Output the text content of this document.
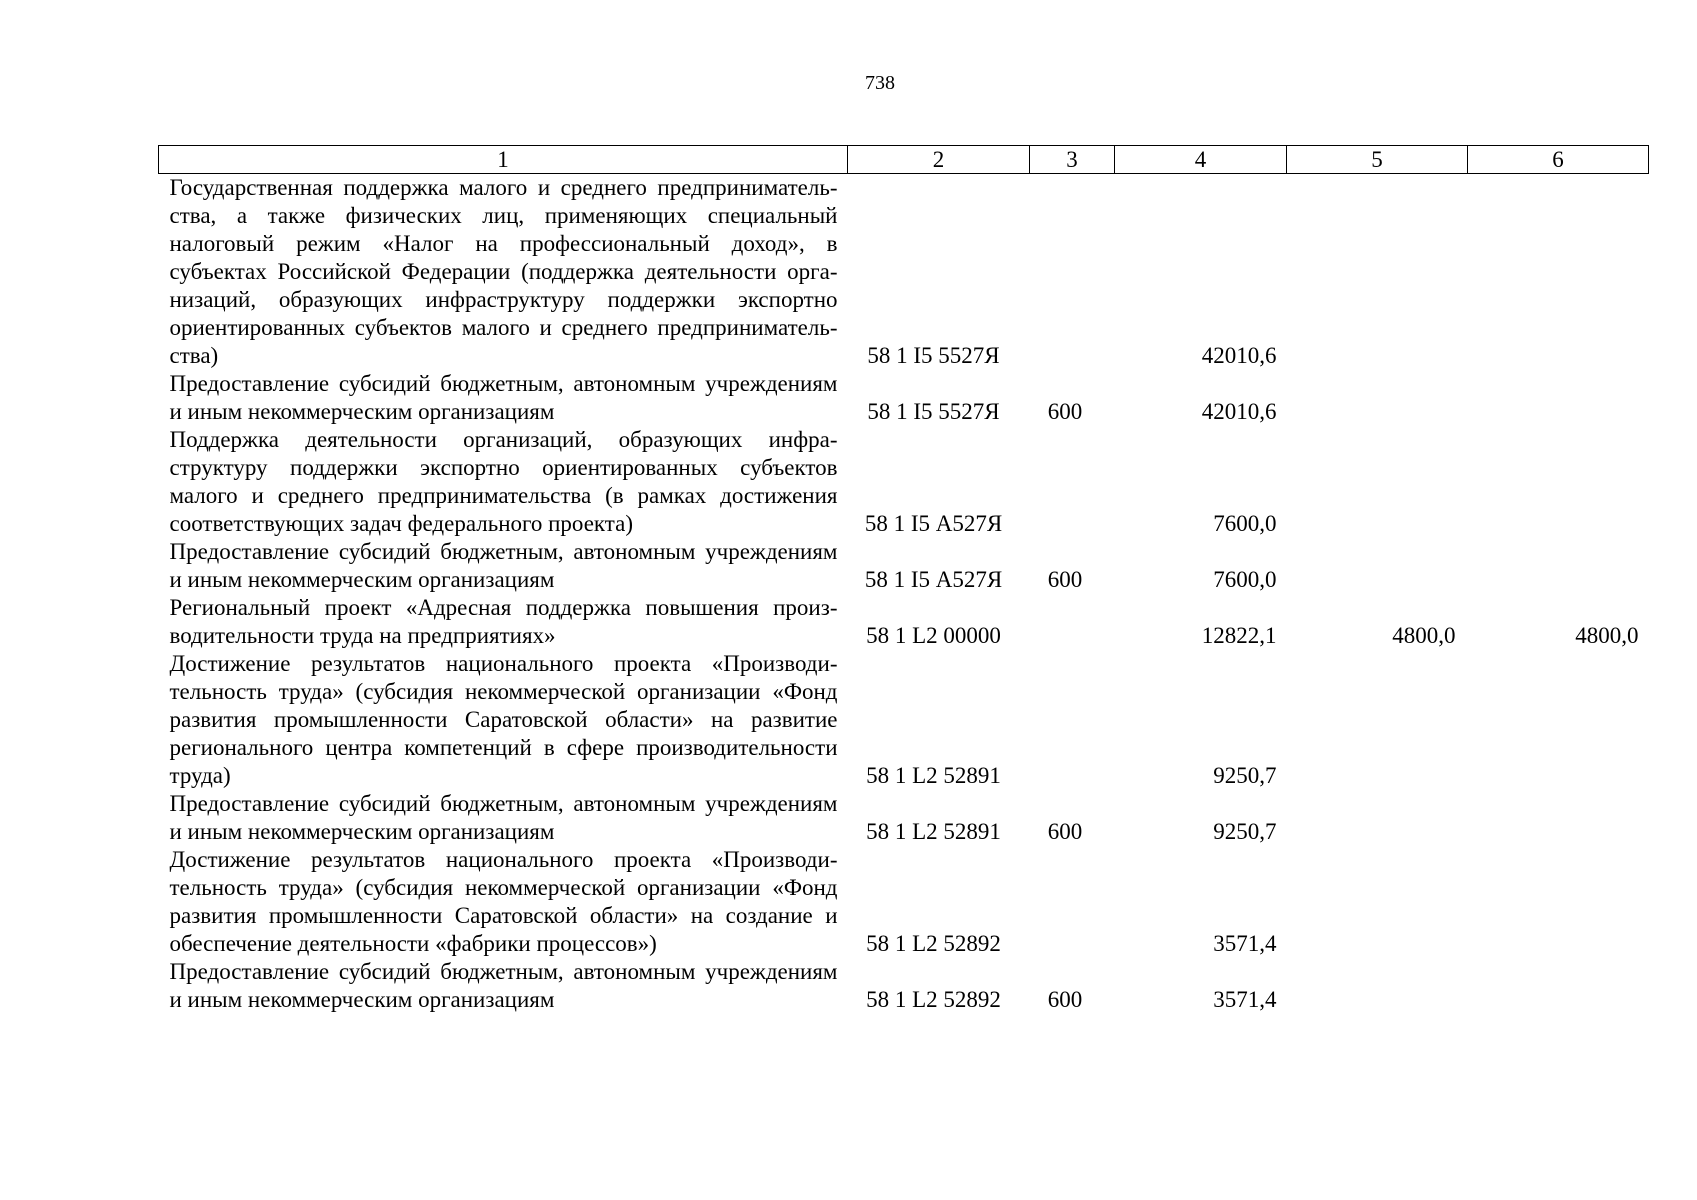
738
1	2	3	4	5	6
Государственная поддержка малого и среднего предпринимательства, а также физических лиц, применяющих специальный налоговый режим «Налог на профессиональный доход», в субъектах Российской Федерации (поддержка деятельности организаций, образующих инфраструктуру поддержки экспортно ориентированных субъектов малого и среднего предпринимательства)	58 1 I5 5527Я		42010,6		
Предоставление субсидий бюджетным, автономным учреждениям и иным некоммерческим организациям	58 1 I5 5527Я	600	42010,6		
Поддержка деятельности организаций, образующих инфраструктуру поддержки экспортно ориентированных субъектов малого и среднего предпринимательства (в рамках достижения соответствующих задач федерального проекта)	58 1 I5 А527Я		7600,0		
Предоставление субсидий бюджетным, автономным учреждениям и иным некоммерческим организациям	58 1 I5 А527Я	600	7600,0		
Региональный проект «Адресная поддержка повышения производительности труда на предприятиях»	58 1 L2 00000		12822,1	4800,0	4800,0
Достижение результатов национального проекта «Производительность труда» (субсидия некоммерческой организации «Фонд развития промышленности Саратовской области» на развитие регионального центра компетенций в сфере производительности труда)	58 1 L2 52891		9250,7		
Предоставление субсидий бюджетным, автономным учреждениям и иным некоммерческим организациям	58 1 L2 52891	600	9250,7		
Достижение результатов национального проекта «Производительность труда» (субсидия некоммерческой организации «Фонд развития промышленности Саратовской области» на создание и обеспечение деятельности «фабрики процессов»)	58 1 L2 52892		3571,4		
Предоставление субсидий бюджетным, автономным учреждениям и иным некоммерческим организациям	58 1 L2 52892	600	3571,4		
